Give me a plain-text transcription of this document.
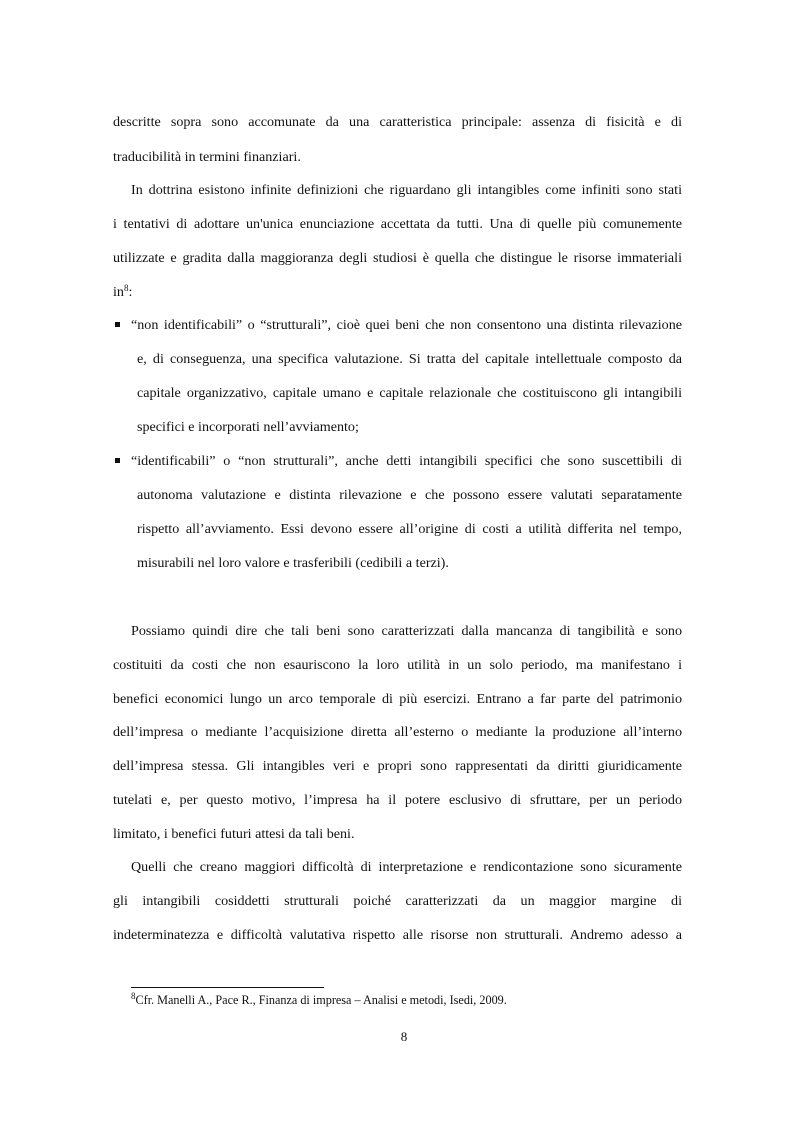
descritte sopra sono accomunate da una caratteristica principale: assenza di fisicità e di
traducibilità in termini finanziari.
In dottrina esistono infinite definizioni che riguardano gli intangibles come infiniti sono stati
i tentativi di adottare un'unica enunciazione accettata da tutti. Una di quelle più comunemente
utilizzate e gradita dalla maggioranza degli studiosi è quella che distingue le risorse immateriali
$in^8$:
“non identificabili” o “strutturali”, cioè quei beni che non consentono una distinta rilevazione
e, di conseguenza, una specifica valutazione. Si tratta del capitale intellettuale composto da
capitale organizzativo, capitale umano e capitale relazionale che costituiscono gli intangibili
specifici e incorporati nell’avviamento;
“identificabili” o “non strutturali”, anche detti intangibili specifici che sono suscettibili di
autonoma valutazione e distinta rilevazione e che possono essere valutati separatamente
rispetto all’avviamento. Essi devono essere all’origine di costi a utilità differita nel tempo,
misurabili nel loro valore e trasferibili (cedibili a terzi).
Possiamo quindi dire che tali beni sono caratterizzati dalla mancanza di tangibilità e sono
costituiti da costi che non esauriscono la loro utilità in un solo periodo, ma manifestano i
benefici economici lungo un arco temporale di più esercizi. Entrano a far parte del patrimonio
dell’impresa o mediante l’acquisizione diretta all’esterno o mediante la produzione all’interno
dell’impresa stessa. Gli intangibles veri e propri sono rappresentati da diritti giuridicamente
tutelati e, per questo motivo, l’impresa ha il potere esclusivo di sfruttare, per un periodo
limitato, i benefici futuri attesi da tali beni.
Quelli che creano maggiori difficoltà di interpretazione e rendicontazione sono sicuramente
gli intangibili cosiddetti strutturali poiché caratterizzati da un maggior margine di
indeterminatezza e difficoltà valutativa rispetto alle risorse non strutturali. Andremo adesso a
$^8$Cfr. Manelli A., Pace R., Finanza di impresa – Analisi e metodi, Isedi, 2009.
8
